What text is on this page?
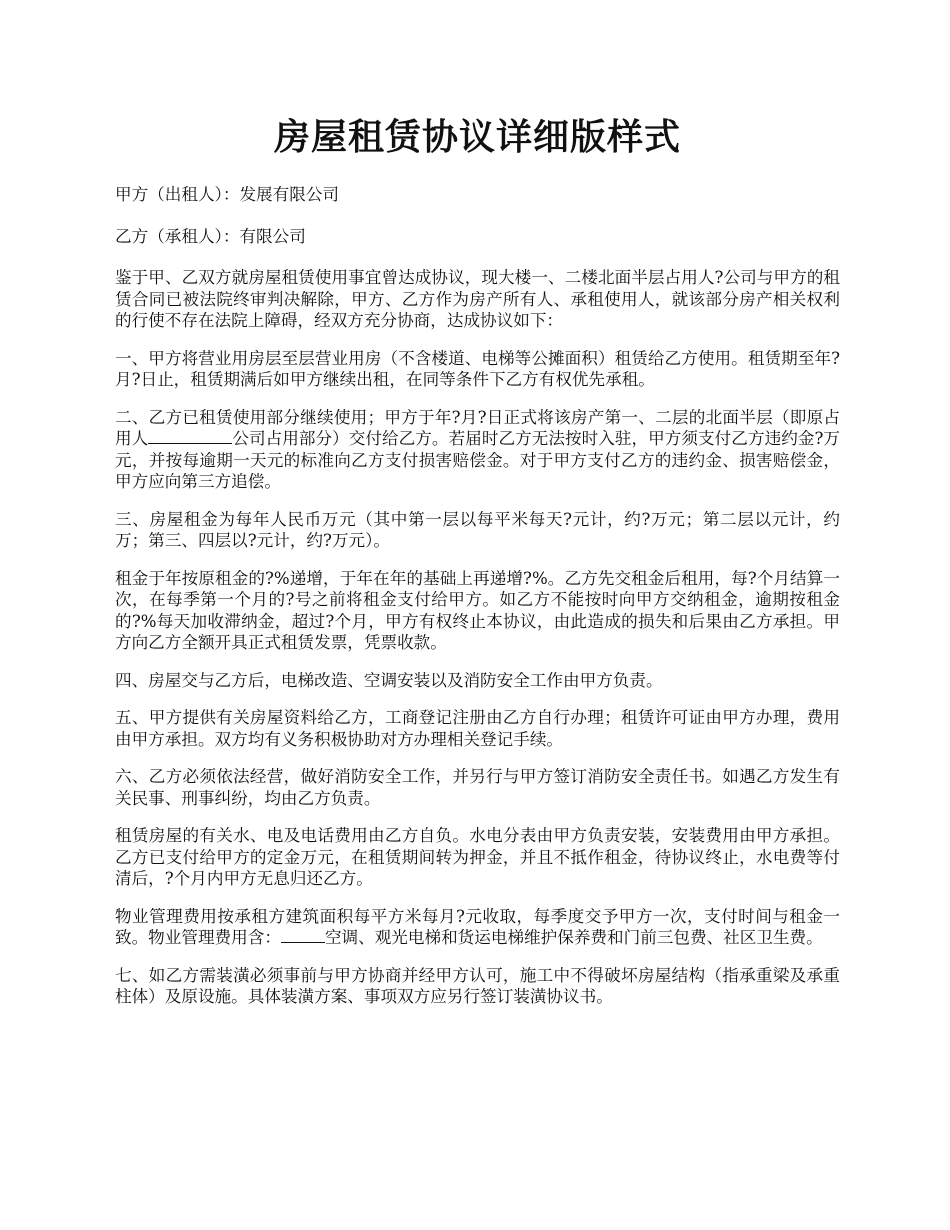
房屋租赁协议详细版样式

甲方（出租人）：发展有限公司

乙方（承租人）：有限公司

鉴于甲、乙双方就房屋租赁使用事宜曾达成协议，现大楼一、二楼北面半层占用人?公司与甲方的租赁合同已被法院终审判决解除，甲方、乙方作为房产所有人、承租使用人，就该部分房产相关权利的行使不存在法院上障碍，经双方充分协商，达成协议如下：

一、甲方将营业用房层至层营业用房（不含楼道、电梯等公摊面积）租赁给乙方使用。租赁期至年?月?日止，租赁期满后如甲方继续出租，在同等条件下乙方有权优先承租。

二、乙方已租赁使用部分继续使用；甲方于年?月?日正式将该房产第一、二层的北面半层（即原占用人	公司占用部分）交付给乙方。若届时乙方无法按时入驻，甲方须支付乙方违约金?万元，并按每逾期一天元的标准向乙方支付损害赔偿金。对于甲方支付乙方的违约金、损害赔偿金，甲方应向第三方追偿。

三、房屋租金为每年人民币万元（其中第一层以每平米每天?元计，约?万元；第二层以元计，约万；第三、四层以?元计，约?万元）。

租金于年按原租金的?%递增，于年在年的基础上再递增?%。乙方先交租金后租用，每?个月结算一次，在每季第一个月的?号之前将租金支付给甲方。如乙方不能按时向甲方交纳租金，逾期按租金的?%每天加收滞纳金，超过?个月，甲方有权终止本协议，由此造成的损失和后果由乙方承担。甲方向乙方全额开具正式租赁发票，凭票收款。

四、房屋交与乙方后，电梯改造、空调安装以及消防安全工作由甲方负责。

五、甲方提供有关房屋资料给乙方，工商登记注册由乙方自行办理；租赁许可证由甲方办理，费用由甲方承担。双方均有义务积极协助对方办理相关登记手续。

六、乙方必须依法经营，做好消防安全工作，并另行与甲方签订消防安全责任书。如遇乙方发生有关民事、刑事纠纷，均由乙方负责。

租赁房屋的有关水、电及电话费用由乙方自负。水电分表由甲方负责安装，安装费用由甲方承担。乙方已支付给甲方的定金万元，在租赁期间转为押金，并且不抵作租金，待协议终止，水电费等付清后，?个月内甲方无息归还乙方。

物业管理费用按承租方建筑面积每平方米每月?元收取，每季度交予甲方一次，支付时间与租金一致。物业管理费用含：	空调、观光电梯和货运电梯维护保养费和门前三包费、社区卫生费。

七、如乙方需装潢必须事前与甲方协商并经甲方认可，施工中不得破坏房屋结构（指承重梁及承重柱体）及原设施。具体装潢方案、事项双方应另行签订装潢协议书。
